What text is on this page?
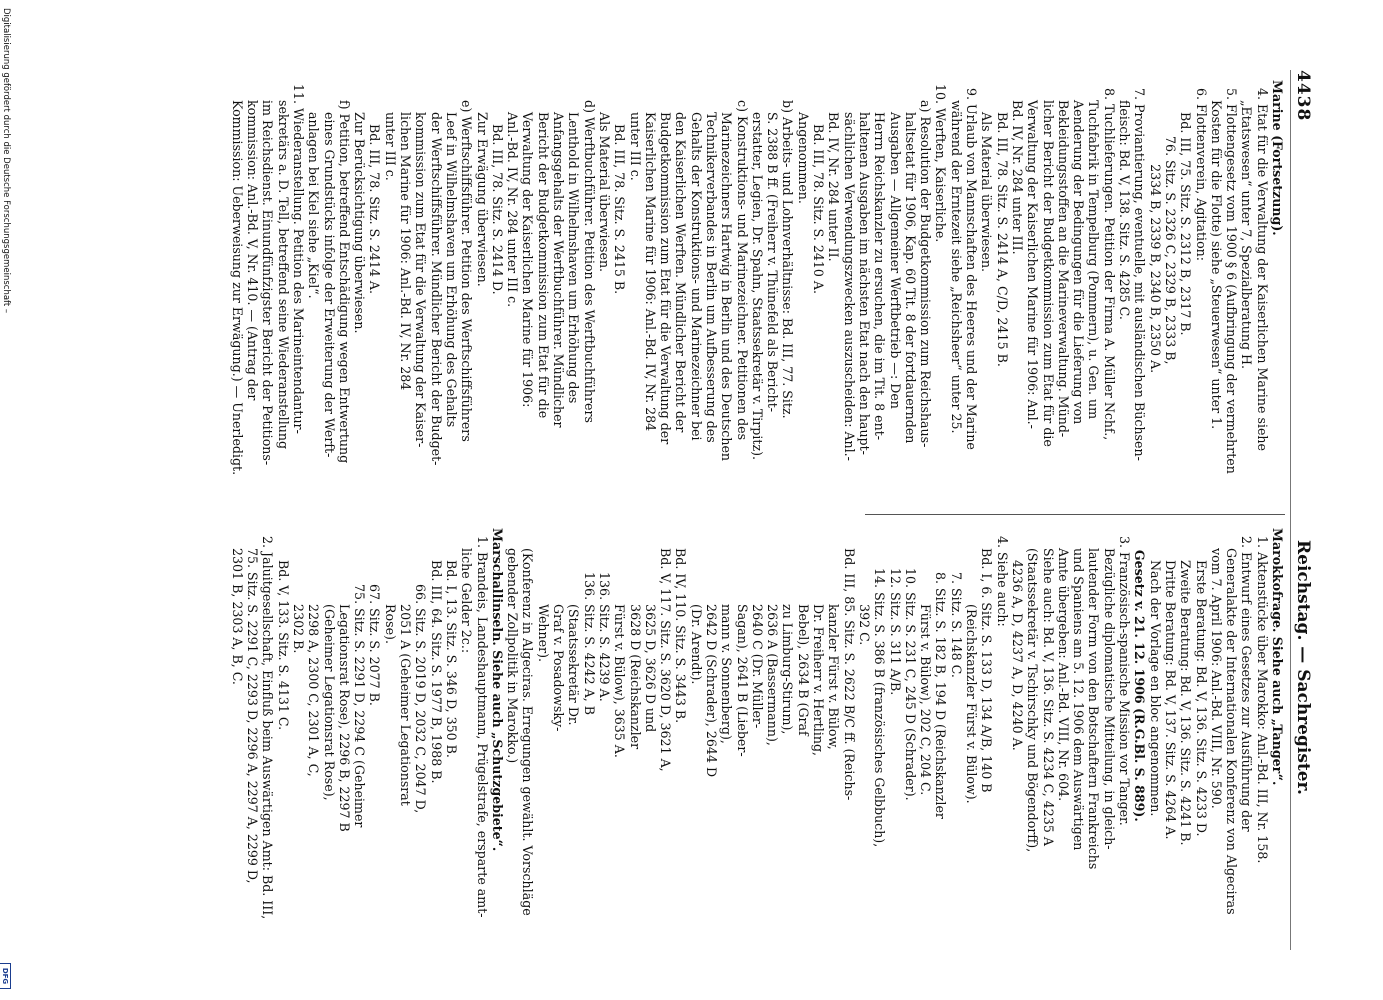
4438
Reichstag. — Sachregister.
Marine (Fortsetzung).
4. Etat für die Verwaltung der Kaiserlichen Marine siehe
„Etatswesen“ unter 7, Spezialberatung H.
5. Flottengesetz vom 1900 § 6 (Aufbringung der vermehrten
Kosten für die Flotte) siehe „Steuerwesen“ unter 1.
6. Flottenverein, Agitation:
Bd. III, 75. Sitz. S. 2312 B, 2317 B.
76. Sitz. S. 2326 C, 2329 B, 2333 B,
2334 B, 2339 B, 2340 B, 2350 A.
7. Proviantierung, eventuelle, mit ausländischen Büchsen-
fleisch: Bd. V, 138. Sitz. S. 4285 C.
8. Tuchlieferungen. Petition der Firma A. Müller Nchf.,
Tuchfabrik in Tempelburg (Pommern), u. Gen. um
Aenderung der Bedingungen für die Lieferung von
Bekleidungsstoffen an die Marineverwaltung. Münd-
licher Bericht der Budgetkommission zum Etat für die
Verwaltung der Kaiserlichen Marine für 1906: Anl.-
Bd. IV, Nr. 284 unter III.
Bd. III, 78. Sitz. S. 2414 A, C/D, 2415 B.
Als Material überwiesen.
9. Urlaub von Mannschaften des Heeres und der Marine
während der Erntezeit siehe „Reichsheer“ unter 25.
10. Werften, Kaiserliche.
a) Resolution der Budgetkommission zum Reichshaus-
haltsetat für 1906, Kap. 60 Tit. 8 der fortdauernden
Ausgaben — Allgemeiner Werftbetrieb —: Den
Herrn Reichskanzler zu ersuchen, die im Tit. 8 ent-
haltenen Ausgaben im nächsten Etat nach den haupt-
sächlichen Verwendungszwecken auszuscheiden: Anl.-
Bd. IV, Nr. 284 unter II.
Bd. III, 78. Sitz. S. 2410 A.
Angenommen.
b) Arbeits- und Lohnverhältnisse: Bd. III, 77. Sitz.
S. 2388 B ff. (Freiherr v. Thünefeld als Bericht-
erstatter, Legien, Dr. Spahn, Staatssekretär v. Tirpitz).
c) Konstruktions- und Marinezeichner. Petitionen des
Marinezeichners Hartwig in Berlin und des Deutschen
Technikerverbandes in Berlin um Aufbesserung des
Gehalts der Konstruktions- und Marinezeichner bei
den Kaiserlichen Werften. Mündlicher Bericht der
Budgetkommission zum Etat für die Verwaltung der
Kaiserlichen Marine für 1906: Anl.-Bd. IV, Nr. 284
unter III c.
Bd. III, 78. Sitz. S. 2415 B.
Als Material überwiesen.
d) Werftbuchführer. Petition des Werftbuchführers
Lenthold in Wilhelmshaven um Erhöhung des
Anfangsgehalts der Werftbuchführer. Mündlicher
Bericht der Budgetkommission zum Etat für die
Verwaltung der Kaiserlichen Marine für 1906:
Anl.-Bd. IV, Nr. 284 unter III c.
Bd. III, 78. Sitz. S. 2414 D.
Zur Erwägung überwiesen.
e) Werftschiffsführer. Petition des Werftschiffsführers
Leef in Wilhelmshaven um Erhöhung des Gehalts
der Werftschiffsführer. Mündlicher Bericht der Budget-
kommission zum Etat für die Verwaltung der Kaiser-
lichen Marine für 1906: Anl.-Bd. IV, Nr. 284
unter III c.
Bd. III, 78. Sitz. S. 2414 A.
Zur Berücksichtigung überwiesen.
f) Petition, betreffend Entschädigung wegen Entwertung
eines Grundstücks infolge der Erweiterung der Werft-
anlagen bei Kiel siehe „Kiel“.
11. Wiederanstellung. Petition des Marineintendantur-
sekretärs a. D. Tell, betreffend seine Wiederanstellung
im Reichsdienst. Einundfünfzigster Bericht der Petitions-
kommission: Anl.-Bd. V, Nr. 410. — (Antrag der
Kommission: Ueberweisung zur Erwägung.) — Unerledigt.
Marokkofrage. Siehe auch „Tanger“.
1. Aktenstücke über Marokko: Anl.-Bd. III, Nr. 158.
2. Entwurf eines Gesetzes zur Ausführung der
Generalakte der Internationalen Konferenz von Algeciras
vom 7. April 1906: Anl.-Bd. VIII, Nr. 590.
Erste Beratung: Bd. V, 136. Sitz. S. 4233 D.
Zweite Beratung: Bd. V, 136. Sitz. S. 4241 B.
Dritte Beratung: Bd. V, 137. Sitz. S. 4264 A.
Nach der Vorlage en bloc angenommen.
Gesetz v. 21. 12. 1906 (R.G.Bl. S. 889).
3. Französisch-spanische Mission vor Tanger.
Bezügliche diplomatische Mitteilung, in gleich-
lautender Form von den Botschaftern Frankreichs
und Spaniens am 5. 12. 1906 dem Auswärtigen
Amte übergeben: Anl.-Bd. VIII, Nr. 604.
Siehe auch: Bd. V, 136. Sitz. S. 4234 C, 4235 A
(Staatssekretär v. Tschirschky und Bögendorff),
4236 A, D, 4237 A, D, 4240 A.
4. Siehe auch:
Bd. I, 6. Sitz. S. 133 D, 134 A/B, 140 B
(Reichskanzler Fürst v. Bülow).
7. Sitz. S. 148 C.
8. Sitz. S. 182 B, 194 D (Reichskanzler
Fürst v. Bülow), 202 C, 204 C.
10. Sitz. S. 231 C, 245 D (Schrader).
12. Sitz. S. 311 A/B.
14. Sitz. S. 386 B (französisches Gelbbuch),
392 C.
Bd. III, 85. Sitz. S. 2622 B/C ff. (Reichs-
kanzler Fürst v. Bülow,
Dr. Freiherr v. Hertling,
Bebel), 2634 B (Graf
zu Limburg-Stirum),
2636 A (Bassermann),
2640 C (Dr. Müller-
Sagan), 2641 B (Lieber-
mann v. Sonnenberg),
2642 D (Schrader), 2644 D
(Dr. Arendt).
Bd. IV, 110. Sitz. S. 3443 B.
Bd. V, 117. Sitz. S. 3620 D, 3621 A,
3625 D, 3626 D und
3628 D (Reichskanzler
Fürst v. Bülow), 3635 A.
136. Sitz. S. 4239 A.
136. Sitz. S. 4242 A, B
(Staatssekretär Dr.
Graf v. Posadowsky-
Wehner).
(Konferenz in Algeciras. Erregungen gewählt. Vorschläge
gebender Zollpolitik in Marokko.)
Marschallinseln. Siehe auch „Schutzgebiete“.
1. Brandeis, Landeshauptmann, Prügelstrafe, ersparte amt-
liche Gelder 2c.:
Bd. I, 13. Sitz. S. 346 D, 350 B.
Bd. III, 64. Sitz. S. 1977 B, 1988 B.
66. Sitz. S. 2019 D, 2032 C, 2047 D,
2051 A (Geheimer Legationsrat
Rose).
67. Sitz. S. 2077 B.
75. Sitz. S. 2291 D, 2294 C (Geheimer
Legationsrat Rose), 2296 B, 2297 B
(Geheimer Legationsrat Rose),
2298 A, 2300 C, 2301 A, C,
2302 B.
Bd. V, 133. Sitz. S. 4131 C.
2. Jaluitgesellschaft, Einfluß beim Auswärtigen Amt: Bd. III,
75. Sitz. S. 2291 C, 2293 D, 2296 A, 2297 A, 2299 D,
2301 B, 2303 A, B, C.
Digitalisierung gefördert durch die Deutsche Forschungsgemeinschaft –
DFG
